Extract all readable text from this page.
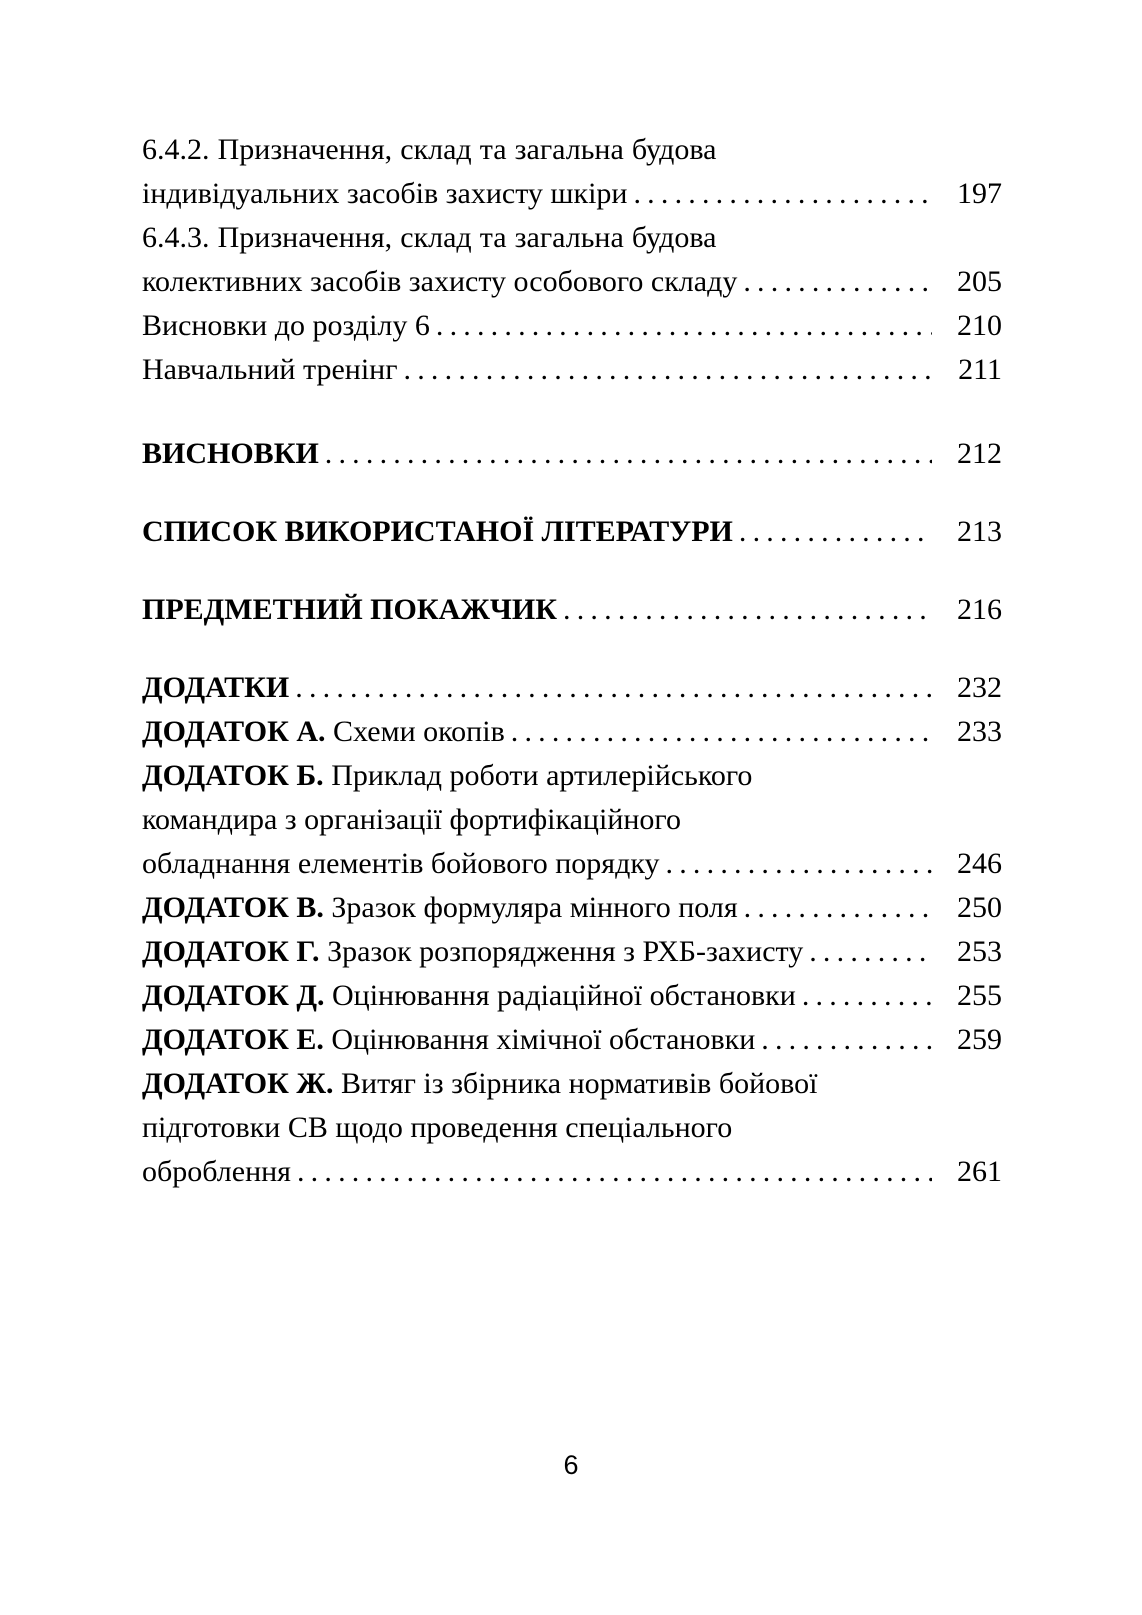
6.4.2. Призначення, склад та загальна будова
індивідуальних засобів захисту шкіри .....	197
6.4.3. Призначення, склад та загальна будова
колективних засобів захисту особового складу .....	205
Висновки до розділу 6 .....	210
Навчальний тренінг .....	211
ВИСНОВКИ .....	212
СПИСОК ВИКОРИСТАНОЇ ЛІТЕРАТУРИ .....	213
ПРЕДМЕТНИЙ ПОКАЖЧИК .....	216
ДОДАТКИ .....	232
ДОДАТОК А. Схеми окопів .....	233
ДОДАТОК Б. Приклад роботи артилерійського
командира з організації фортифікаційного
обладнання елементів бойового порядку .....	246
ДОДАТОК В. Зразок формуляра мінного поля .....	250
ДОДАТОК Г. Зразок розпорядження з РХБ-захисту .....	253
ДОДАТОК Д. Оцінювання радіаційної обстановки .....	255
ДОДАТОК Е. Оцінювання хімічної обстановки .....	259
ДОДАТОК Ж. Витяг із збірника нормативів бойової
підготовки СВ щодо проведення спеціального
оброблення .....	261
6
